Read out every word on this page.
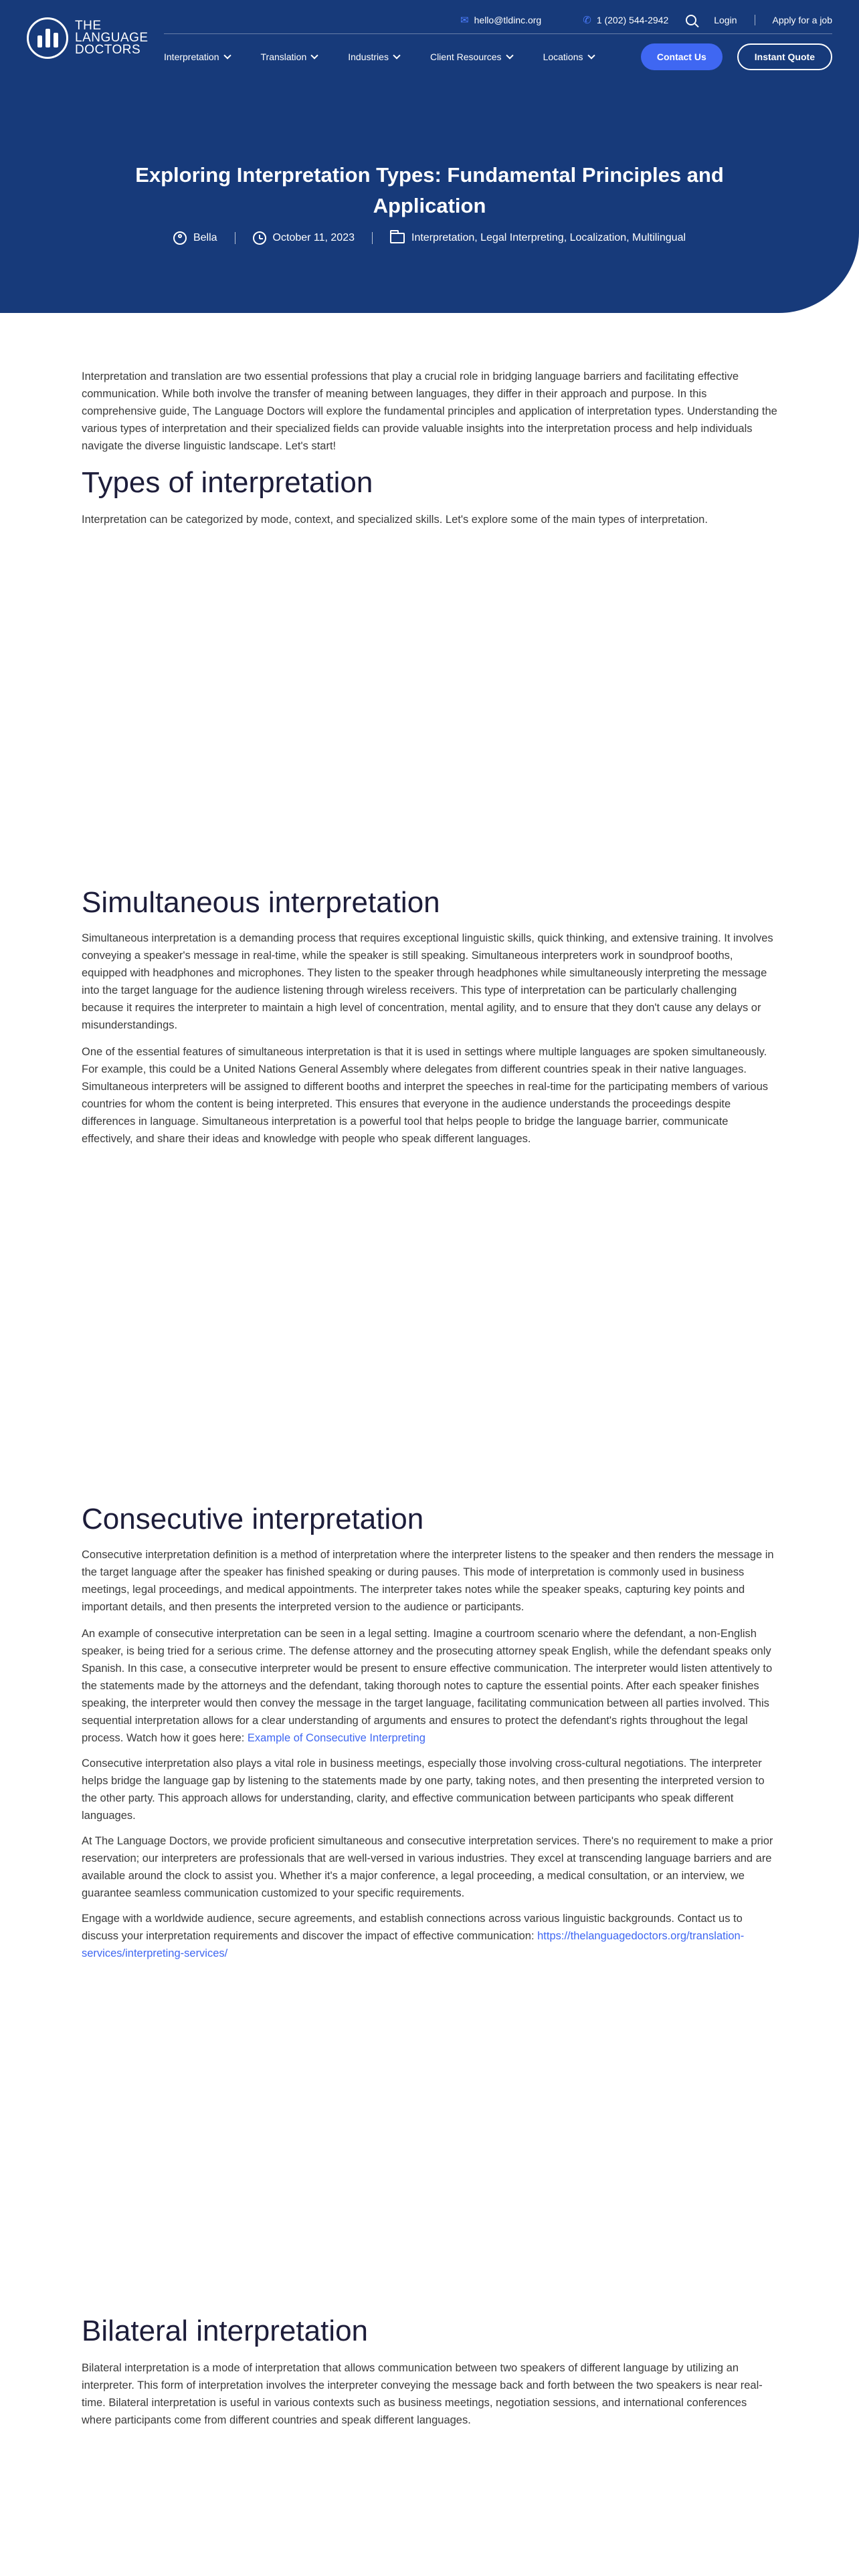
THE
LANGUAGE
DOCTORS
✉ hello@tldinc.org	✆ 1 (202) 544-2942	Login	Apply for a job
Interpretation	Translation	Industries	Client Resources	Locations	Contact Us	Instant Quote
Exploring Interpretation Types: Fundamental Principles and Application
Bella	October 11, 2023	Interpretation, Legal Interpreting, Localization, Multilingual

Interpretation and translation are two essential professions that play a crucial role in bridging language barriers and facilitating effective communication. While both involve the transfer of meaning between languages, they differ in their approach and purpose. In this comprehensive guide, The Language Doctors will explore the fundamental principles and application of interpretation types. Understanding the various types of interpretation and their specialized fields can provide valuable insights into the interpretation process and help individuals navigate the diverse linguistic landscape. Let's start!

Types of interpretation

Interpretation can be categorized by mode, context, and specialized skills. Let's explore some of the main types of interpretation.

Simultaneous interpretation

Simultaneous interpretation is a demanding process that requires exceptional linguistic skills, quick thinking, and extensive training. It involves conveying a speaker's message in real-time, while the speaker is still speaking. Simultaneous interpreters work in soundproof booths, equipped with headphones and microphones. They listen to the speaker through headphones while simultaneously interpreting the message into the target language for the audience listening through wireless receivers. This type of interpretation can be particularly challenging because it requires the interpreter to maintain a high level of concentration, mental agility, and to ensure that they don't cause any delays or misunderstandings.

One of the essential features of simultaneous interpretation is that it is used in settings where multiple languages are spoken simultaneously. For example, this could be a United Nations General Assembly where delegates from different countries speak in their native languages. Simultaneous interpreters will be assigned to different booths and interpret the speeches in real-time for the participating members of various countries for whom the content is being interpreted. This ensures that everyone in the audience understands the proceedings despite differences in language. Simultaneous interpretation is a powerful tool that helps people to bridge the language barrier, communicate effectively, and share their ideas and knowledge with people who speak different languages.

Consecutive interpretation

Consecutive interpretation definition is a method of interpretation where the interpreter listens to the speaker and then renders the message in the target language after the speaker has finished speaking or during pauses. This mode of interpretation is commonly used in business meetings, legal proceedings, and medical appointments. The interpreter takes notes while the speaker speaks, capturing key points and important details, and then presents the interpreted version to the audience or participants.

An example of consecutive interpretation can be seen in a legal setting. Imagine a courtroom scenario where the defendant, a non-English speaker, is being tried for a serious crime. The defense attorney and the prosecuting attorney speak English, while the defendant speaks only Spanish. In this case, a consecutive interpreter would be present to ensure effective communication. The interpreter would listen attentively to the statements made by the attorneys and the defendant, taking thorough notes to capture the essential points. After each speaker finishes speaking, the interpreter would then convey the message in the target language, facilitating communication between all parties involved. This sequential interpretation allows for a clear understanding of arguments and ensures to protect the defendant's rights throughout the legal process. Watch how it goes here: Example of Consecutive Interpreting

Consecutive interpretation also plays a vital role in business meetings, especially those involving cross-cultural negotiations. The interpreter helps bridge the language gap by listening to the statements made by one party, taking notes, and then presenting the interpreted version to the other party. This approach allows for understanding, clarity, and effective communication between participants who speak different languages.

At The Language Doctors, we provide proficient simultaneous and consecutive interpretation services. There's no requirement to make a prior reservation; our interpreters are professionals that are well-versed in various industries. They excel at transcending language barriers and are available around the clock to assist you. Whether it's a major conference, a legal proceeding, a medical consultation, or an interview, we guarantee seamless communication customized to your specific requirements.

Engage with a worldwide audience, secure agreements, and establish connections across various linguistic backgrounds. Contact us to discuss your interpretation requirements and discover the impact of effective communication: https://thelanguagedoctors.org/translation-services/interpreting-services/

Bilateral interpretation

Bilateral interpretation is a mode of interpretation that allows communication between two speakers of different language by utilizing an interpreter. This form of interpretation involves the interpreter conveying the message back and forth between the two speakers is near real-time. Bilateral interpretation is useful in various contexts such as business meetings, negotiation sessions, and international conferences where participants come from different countries and speak different languages.
